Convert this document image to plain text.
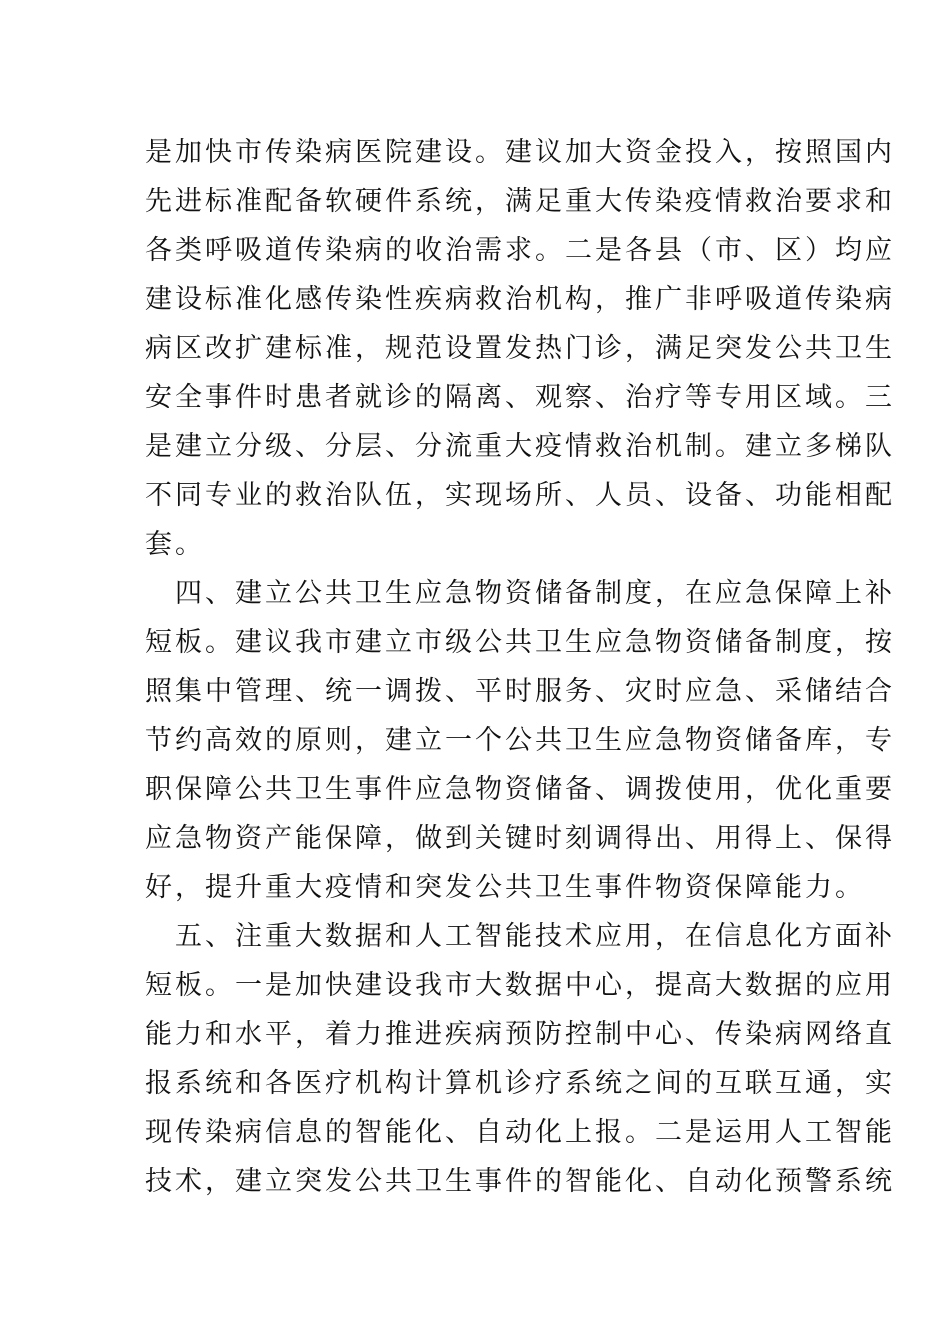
是加快市传染病医院建设。建议加大资金投入，按照国内
先进标准配备软硬件系统，满足重大传染疫情救治要求和
各类呼吸道传染病的收治需求。二是各县（市、区）均应
建设标准化感传染性疾病救治机构，推广非呼吸道传染病
病区改扩建标准，规范设置发热门诊，满足突发公共卫生
安全事件时患者就诊的隔离、观察、治疗等专用区域。三
是建立分级、分层、分流重大疫情救治机制。建立多梯队
不同专业的救治队伍，实现场所、人员、设备、功能相配
套。
　四、建立公共卫生应急物资储备制度，在应急保障上补
短板。建议我市建立市级公共卫生应急物资储备制度，按
照集中管理、统一调拨、平时服务、灾时应急、采储结合
节约高效的原则，建立一个公共卫生应急物资储备库，专
职保障公共卫生事件应急物资储备、调拨使用，优化重要
应急物资产能保障，做到关键时刻调得出、用得上、保得
好，提升重大疫情和突发公共卫生事件物资保障能力。
　五、注重大数据和人工智能技术应用，在信息化方面补
短板。一是加快建设我市大数据中心，提高大数据的应用
能力和水平，着力推进疾病预防控制中心、传染病网络直
报系统和各医疗机构计算机诊疗系统之间的互联互通，实
现传染病信息的智能化、自动化上报。二是运用人工智能
技术，建立突发公共卫生事件的智能化、自动化预警系统
